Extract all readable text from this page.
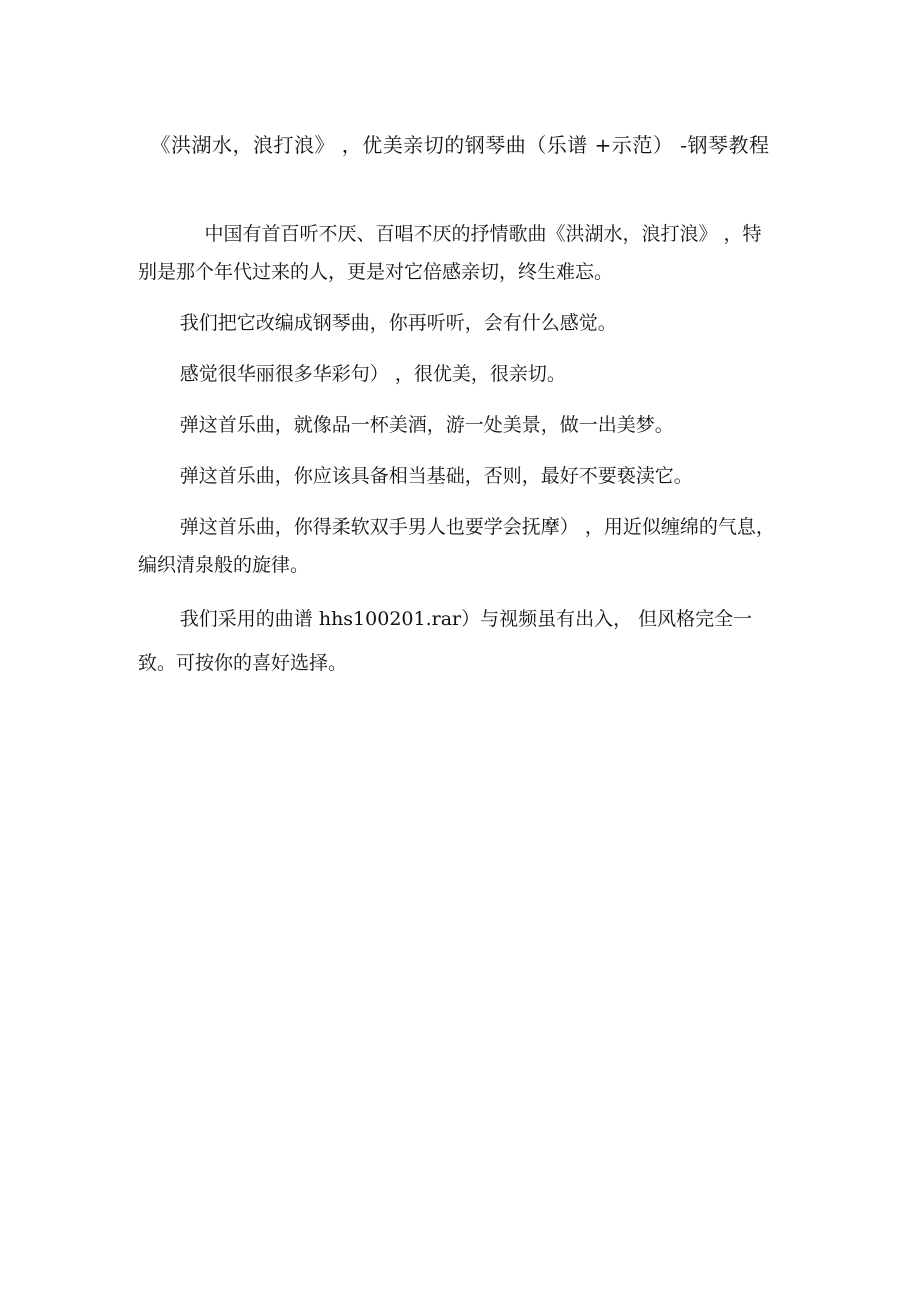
《洪湖水，浪打浪》 ，优美亲切的钢琴曲（乐谱 +示范） -钢琴教程

中国有首百听不厌、百唱不厌的抒情歌曲《洪湖水，浪打浪》 ，特别是那个年代过来的人，更是对它倍感亲切，终生难忘。

我们把它改编成钢琴曲，你再听听，会有什么感觉。

感觉很华丽很多华彩句） ，很优美，很亲切。

弹这首乐曲，就像品一杯美酒，游一处美景，做一出美梦。

弹这首乐曲，你应该具备相当基础，否则，最好不要亵渎它。

弹这首乐曲，你得柔软双手男人也要学会抚摩） ，用近似缠绵的气息，编织清泉般的旋律。

我们采用的曲谱 hhs100201.rar）与视频虽有出入， 但风格完全一致。可按你的喜好选择。
